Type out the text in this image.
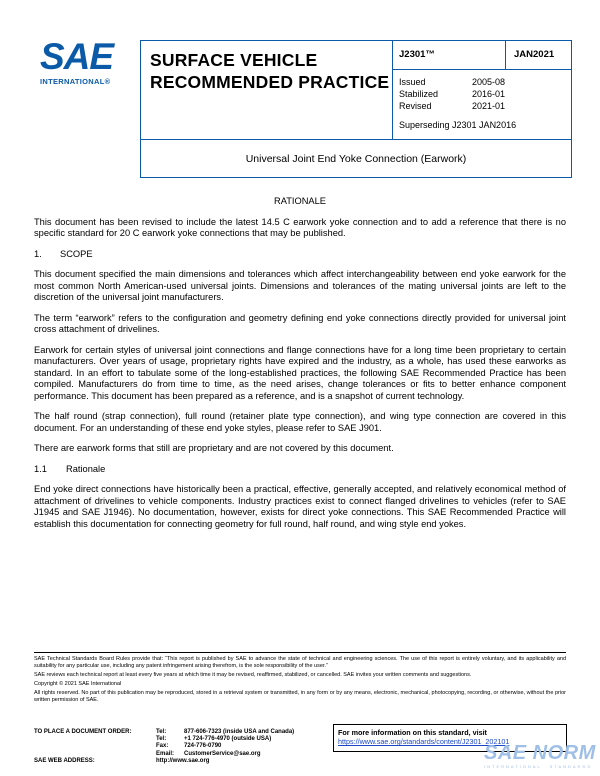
SAE
INTERNATIONAL®
SURFACE VEHICLE
RECOMMENDED PRACTICE
J2301™	JAN2021
Issued	2005-08
Stabilized	2016-01
Revised	2021-01
Superseding J2301 JAN2016
Universal Joint End Yoke Connection (Earwork)
RATIONALE
This document has been revised to include the latest 14.5 C earwork yoke connection and to add a reference that there is no specific standard for 20 C earwork yoke connections that may be published.
1.	SCOPE
This document specified the main dimensions and tolerances which affect interchangeability between end yoke earwork for the most common North American-used universal joints. Dimensions and tolerances of the mating universal joints are left to the discretion of the universal joint manufacturers.
The term “earwork” refers to the configuration and geometry defining end yoke connections directly provided for universal joint cross attachment of drivelines.
Earwork for certain styles of universal joint connections and flange connections have for a long time been proprietary to certain manufacturers. Over years of usage, proprietary rights have expired and the industry, as a whole, has used these earworks as standard. In an effort to tabulate some of the long-established practices, the following SAE Recommended Practice has been compiled. Manufacturers do from time to time, as the need arises, change tolerances or fits to better enhance component performance. This document has been prepared as a reference, and is a snapshot of current technology.
The half round (strap connection), full round (retainer plate type connection), and wing type connection are covered in this document. For an understanding of these end yoke styles, please refer to SAE J901.
There are earwork forms that still are proprietary and are not covered by this document.
1.1	Rationale
End yoke direct connections have historically been a practical, effective, generally accepted, and relatively economical method of attachment of drivelines to vehicle components. Industry practices exist to connect flanged drivelines to vehicles (refer to SAE J1945 and SAE J1946). No documentation, however, exists for direct yoke connections. This SAE Recommended Practice will establish this documentation for connecting geometry for full round, half round, and wing style end yokes.

SAE Technical Standards Board Rules provide that: “This report is published by SAE to advance the state of technical and engineering sciences. The use of this report is entirely voluntary, and its applicability and suitability for any particular use, including any patent infringement arising therefrom, is the sole responsibility of the user.”

SAE reviews each technical report at least every five years at which time it may be revised, reaffirmed, stabilized, or cancelled. SAE invites your written comments and suggestions.

Copyright © 2021 SAE International

All rights reserved. No part of this publication may be reproduced, stored in a retrieval system or transmitted, in any form or by any means, electronic, mechanical, photocopying, recording, or otherwise, without the prior written permission of SAE.

TO PLACE A DOCUMENT ORDER:	Tel:	877-606-7323 (inside USA and Canada)
Tel:	+1 724-776-4970 (outside USA)
Fax:	724-776-0790
Email:	CustomerService@sae.org
SAE WEB ADDRESS:	http://www.sae.org
For more information on this standard, visit
https://www.sae.org/standards/content/J2301_202101
SAE NORM
INTERNATIONAL STANDARDS
